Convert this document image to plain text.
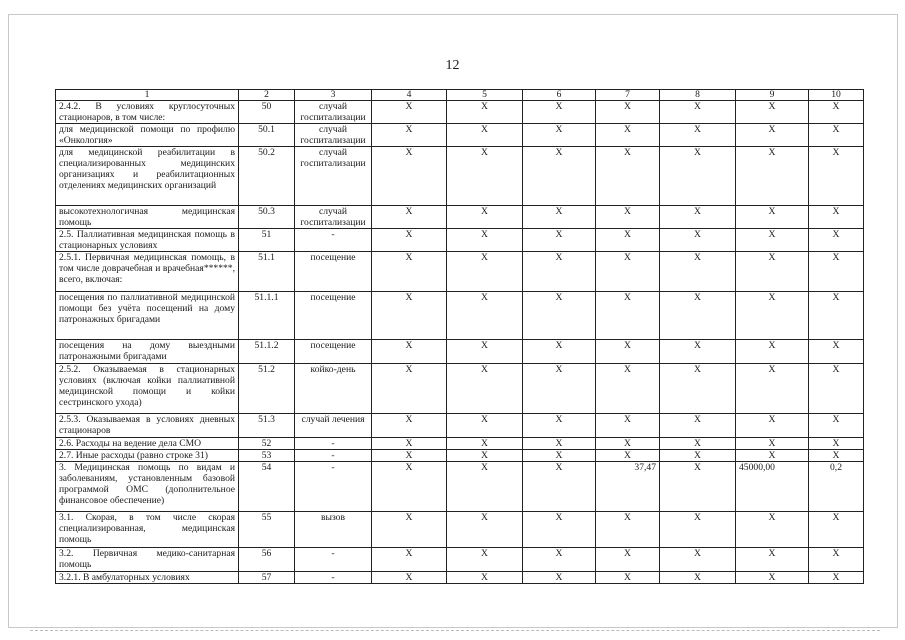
12
1	2	3	4	5	6	7	8	9	10
2.4.2. В условиях круглосуточных стационаров, в том числе:	50	случай госпитализации	X	X	X	X	X	X	X
для медицинской помощи по профилю «Онкология»	50.1	случай госпитализации	X	X	X	X	X	X	X
для медицинской реабилитации в специализированных медицинских организациях и реабилитационных отделениях медицинских организаций	50.2	случай госпитализации	X	X	X	X	X	X	X
высокотехнологичная медицинская помощь	50.3	случай госпитализации	X	X	X	X	X	X	X
2.5. Паллиативная медицинская помощь в стационарных условиях	51	-	X	X	X	X	X	X	X
2.5.1. Первичная медицинская помощь, в том числе доврачебная и врачебная******, всего, включая:	51.1	посещение	X	X	X	X	X	X	X
посещения по паллиативной медицинской помощи без учёта посещений на дому патронажных бригадами	51.1.1	посещение	X	X	X	X	X	X	X
посещения на дому выездными патронажными бригадами	51.1.2	посещение	X	X	X	X	X	X	X
2.5.2. Оказываемая в стационарных условиях (включая койки паллиативной медицинской помощи и койки сестринского ухода)	51.2	койко-день	X	X	X	X	X	X	X
2.5.3. Оказываемая в условиях дневных стационаров	51.3	случай лечения	X	X	X	X	X	X	X
2.6. Расходы на ведение дела СМО	52	-	X	X	X	X	X	X	X
2.7. Иные расходы (равно строке 31)	53	-	X	X	X	X	X	X	X
3. Медицинская помощь по видам и заболеваниям, установленным базовой программой ОМС (дополнительное финансовое обеспечение)	54	-	X	X	X	37,47	X	45000,00	0,2
3.1. Скорая, в том числе скорая специализированная, медицинская помощь	55	вызов	X	X	X	X	X	X	X
3.2. Первичная медико-санитарная помощь	56	-	X	X	X	X	X	X	X
3.2.1. В амбулаторных условиях	57	-	X	X	X	X	X	X	X
